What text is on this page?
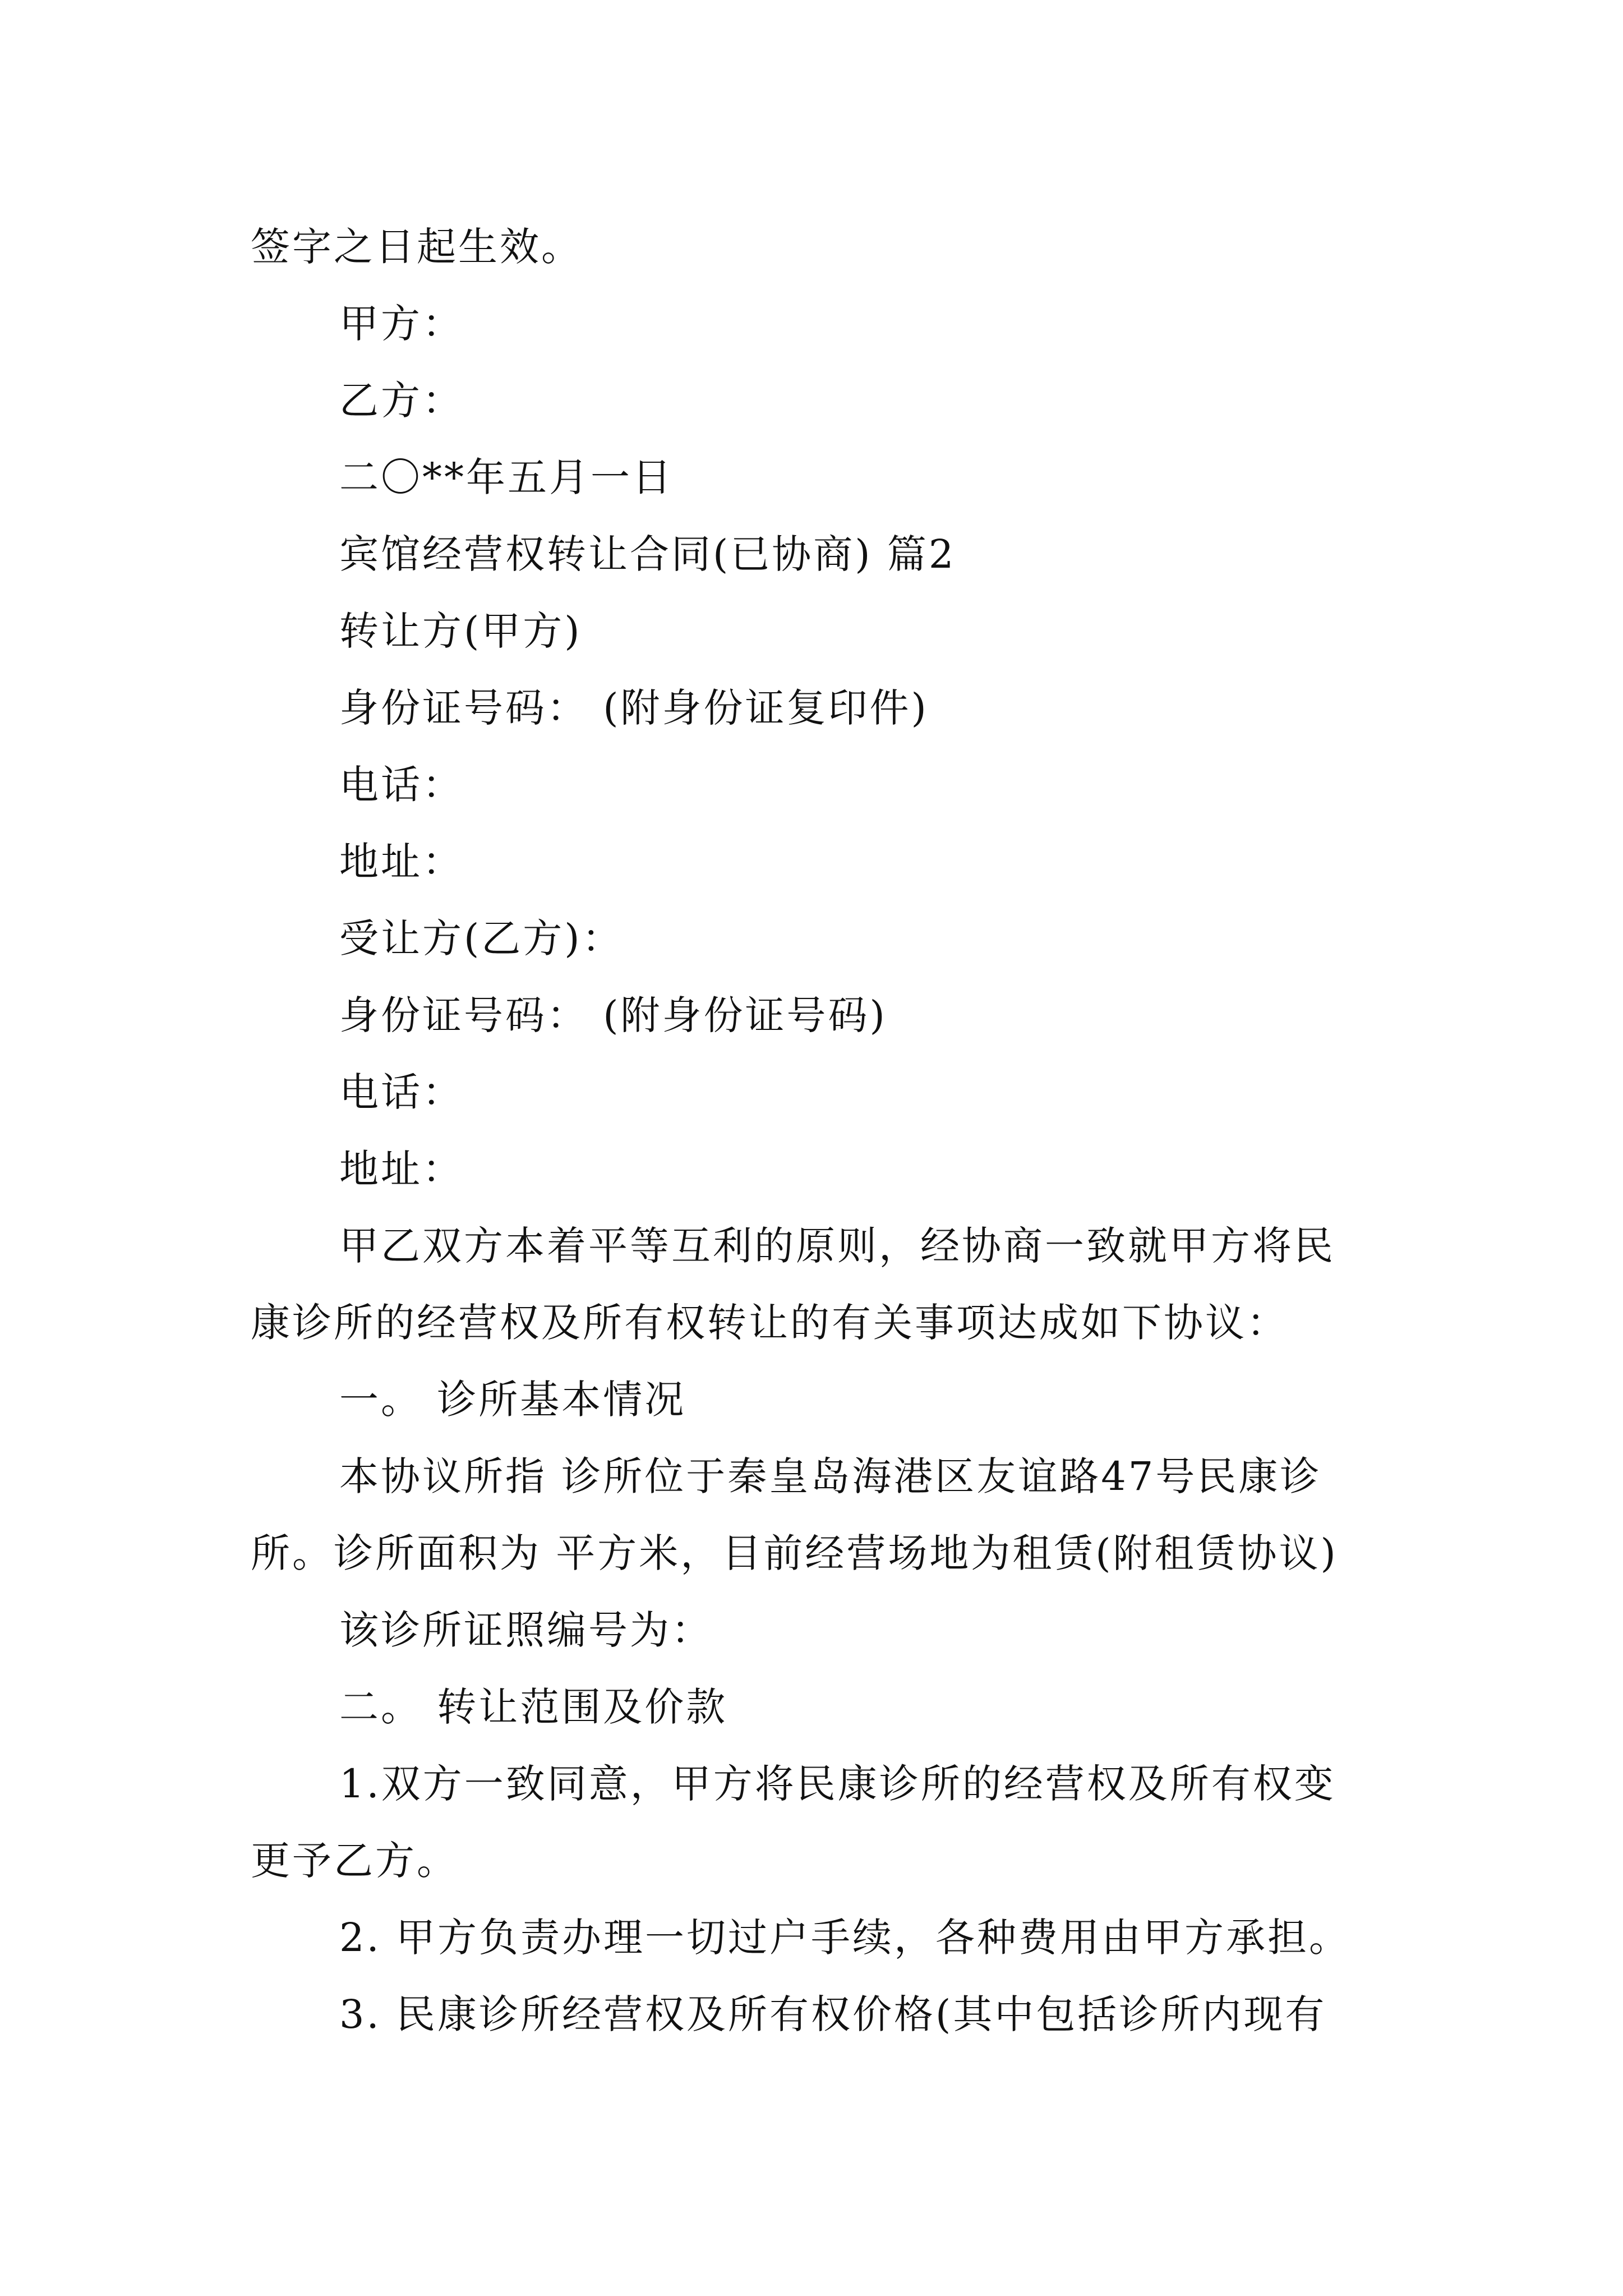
签字之日起生效。
甲方：
乙方：
二〇**年五月一日
宾馆经营权转让合同(已协商) 篇2
转让方(甲方)
身份证号码： (附身份证复印件)
电话：
地址：
受让方(乙方)：
身份证号码： (附身份证号码)
电话：
地址：
甲乙双方本着平等互利的原则，经协商一致就甲方将民
康诊所的经营权及所有权转让的有关事项达成如下协议：
一。 诊所基本情况
本协议所指 诊所位于秦皇岛海港区友谊路47号民康诊
所。诊所面积为 平方米，目前经营场地为租赁(附租赁协议)
该诊所证照编号为：
二。 转让范围及价款
1.双方一致同意，甲方将民康诊所的经营权及所有权变
更予乙方。
2. 甲方负责办理一切过户手续，各种费用由甲方承担。
3. 民康诊所经营权及所有权价格(其中包括诊所内现有
